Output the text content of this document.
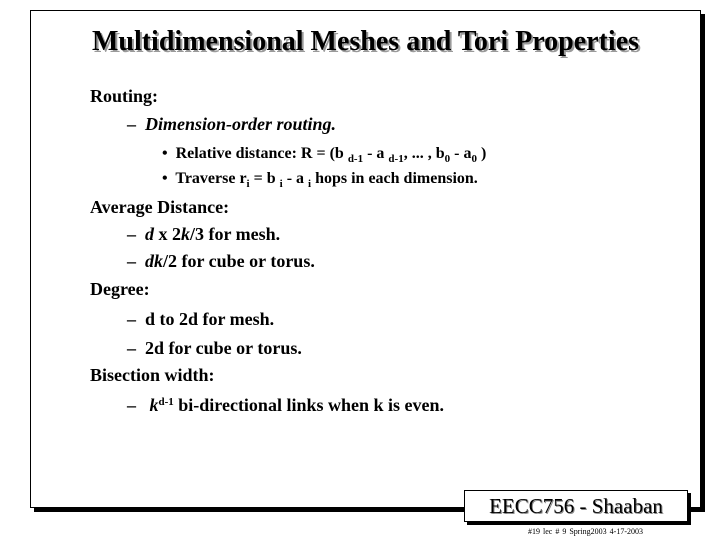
Multidimensional Meshes and Tori Properties
Routing:
– Dimension-order routing.
• Relative distance: R = (b $_{d-1}$ - a $_{d-1}$, ... , $b_0 - a_0$ )
• Traverse $r_i = b$ $_i$ - a $_i$ hops in each dimension.
Average Distance:
– d x 2k/3 for mesh.
– dk/2 for cube or torus.
Degree:
– d to 2d for mesh.
– 2d for cube or torus.
Bisection width:
– $k^{d-1}$ bi-directional links when k is even.
EECC756 - Shaaban
#19 lec # 9 Spring2003 4-17-2003
